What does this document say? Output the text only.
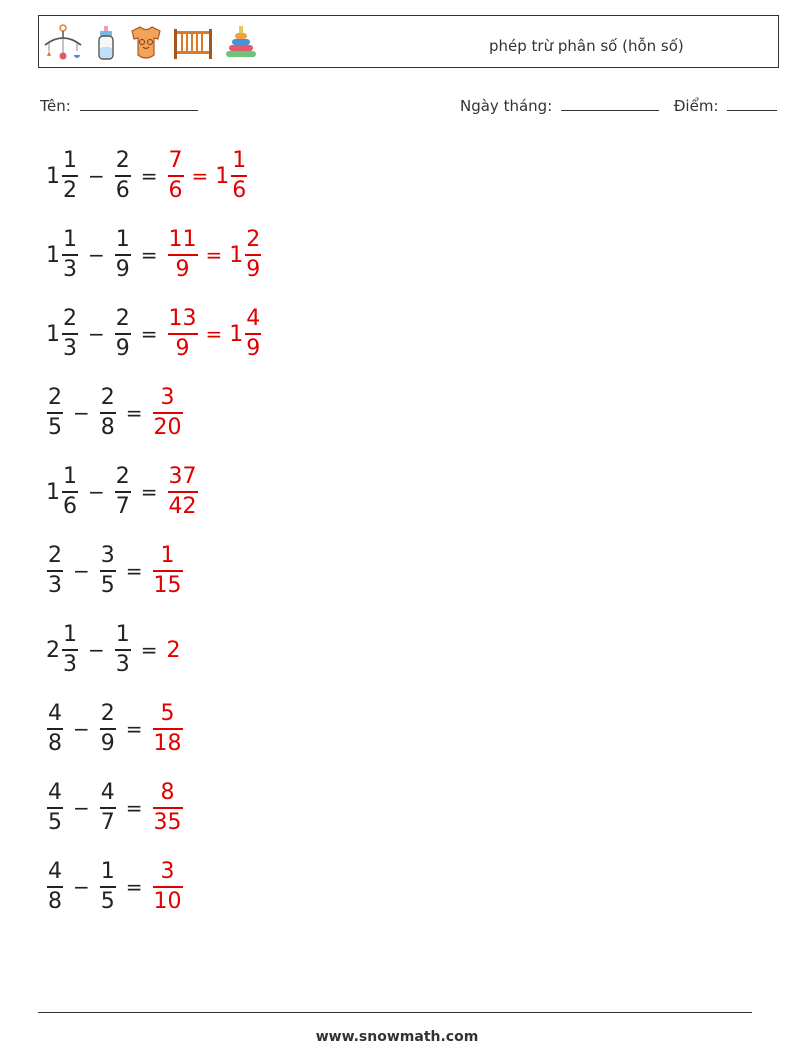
phép trừ phân số (hỗn số)
Tên:	Ngày tháng:	Điểm:
$1 \frac{1}{2} - \frac{2}{6} = \frac{7}{6} = 1 \frac{1}{6}$
$1 \frac{1}{3} - \frac{1}{9} = \frac{11}{9} = 1 \frac{2}{9}$
$1 \frac{2}{3} - \frac{2}{9} = \frac{13}{9} = 1 \frac{4}{9}$
$\frac{2}{5} - \frac{2}{8} = \frac{3}{20}$
$1 \frac{1}{6} - \frac{2}{7} = \frac{37}{42}$
$\frac{2}{3} - \frac{3}{5} = \frac{1}{15}$
$2 \frac{1}{3} - \frac{1}{3} = 2$
$\frac{4}{8} - \frac{2}{9} = \frac{5}{18}$
$\frac{4}{5} - \frac{4}{7} = \frac{8}{35}$
$\frac{4}{8} - \frac{1}{5} = \frac{3}{10}$
www.snowmath.com
